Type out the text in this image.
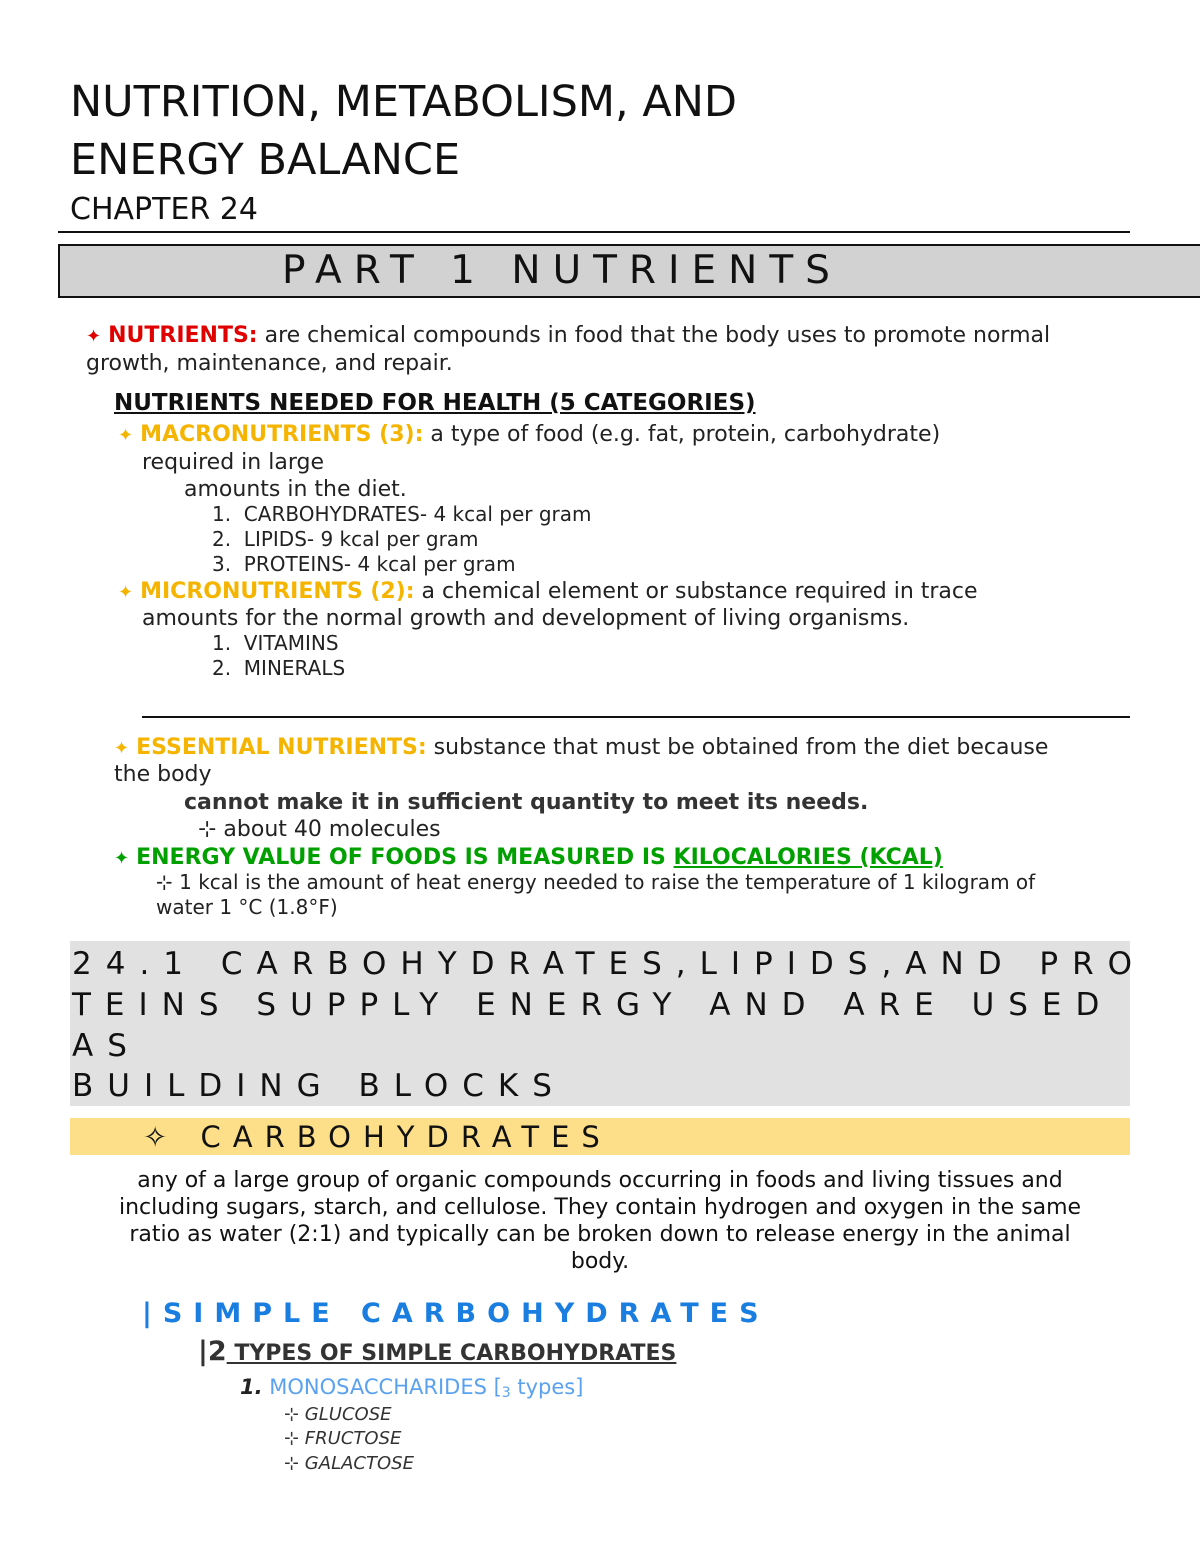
NUTRITION, METABOLISM, AND
ENERGY BALANCE
CHAPTER 24
PART 1 NUTRIENTS
✦ NUTRIENTS: are chemical compounds in food that the body uses to promote normal
growth, maintenance, and repair.
NUTRIENTS NEEDED FOR HEALTH (5 CATEGORIES)
✦ MACRONUTRIENTS (3): a type of food (e.g. fat, protein, carbohydrate)
required in large
amounts in the diet.
1.  CARBOHYDRATES- 4 kcal per gram
2.  LIPIDS- 9 kcal per gram
3.  PROTEINS- 4 kcal per gram
✦ MICRONUTRIENTS (2): a chemical element or substance required in trace
amounts for the normal growth and development of living organisms.
1.  VITAMINS
2.  MINERALS
✦ ESSENTIAL NUTRIENTS: substance that must be obtained from the diet because
the body
cannot make it in sufficient quantity to meet its needs.
⊹ about 40 molecules
✦ ENERGY VALUE OF FOODS IS MEASURED IS KILOCALORIES (KCAL)
⊹ 1 kcal is the amount of heat energy needed to raise the temperature of 1 kilogram of
water 1 °C (1.8°F)
24.1 CARBOHYDRATES,LIPIDS,AND PRO
TEINS SUPPLY ENERGY AND ARE USED
AS
BUILDING BLOCKS
✧ CARBOHYDRATES
any of a large group of organic compounds occurring in foods and living tissues and
including sugars, starch, and cellulose. They contain hydrogen and oxygen in the same
ratio as water (2:1) and typically can be broken down to release energy in the animal
body.
|SIMPLE CARBOHYDRATES
|2 TYPES OF SIMPLE CARBOHYDRATES
1. MONOSACCHARIDES [3 types]
⊹ GLUCOSE
⊹ FRUCTOSE
⊹ GALACTOSE
